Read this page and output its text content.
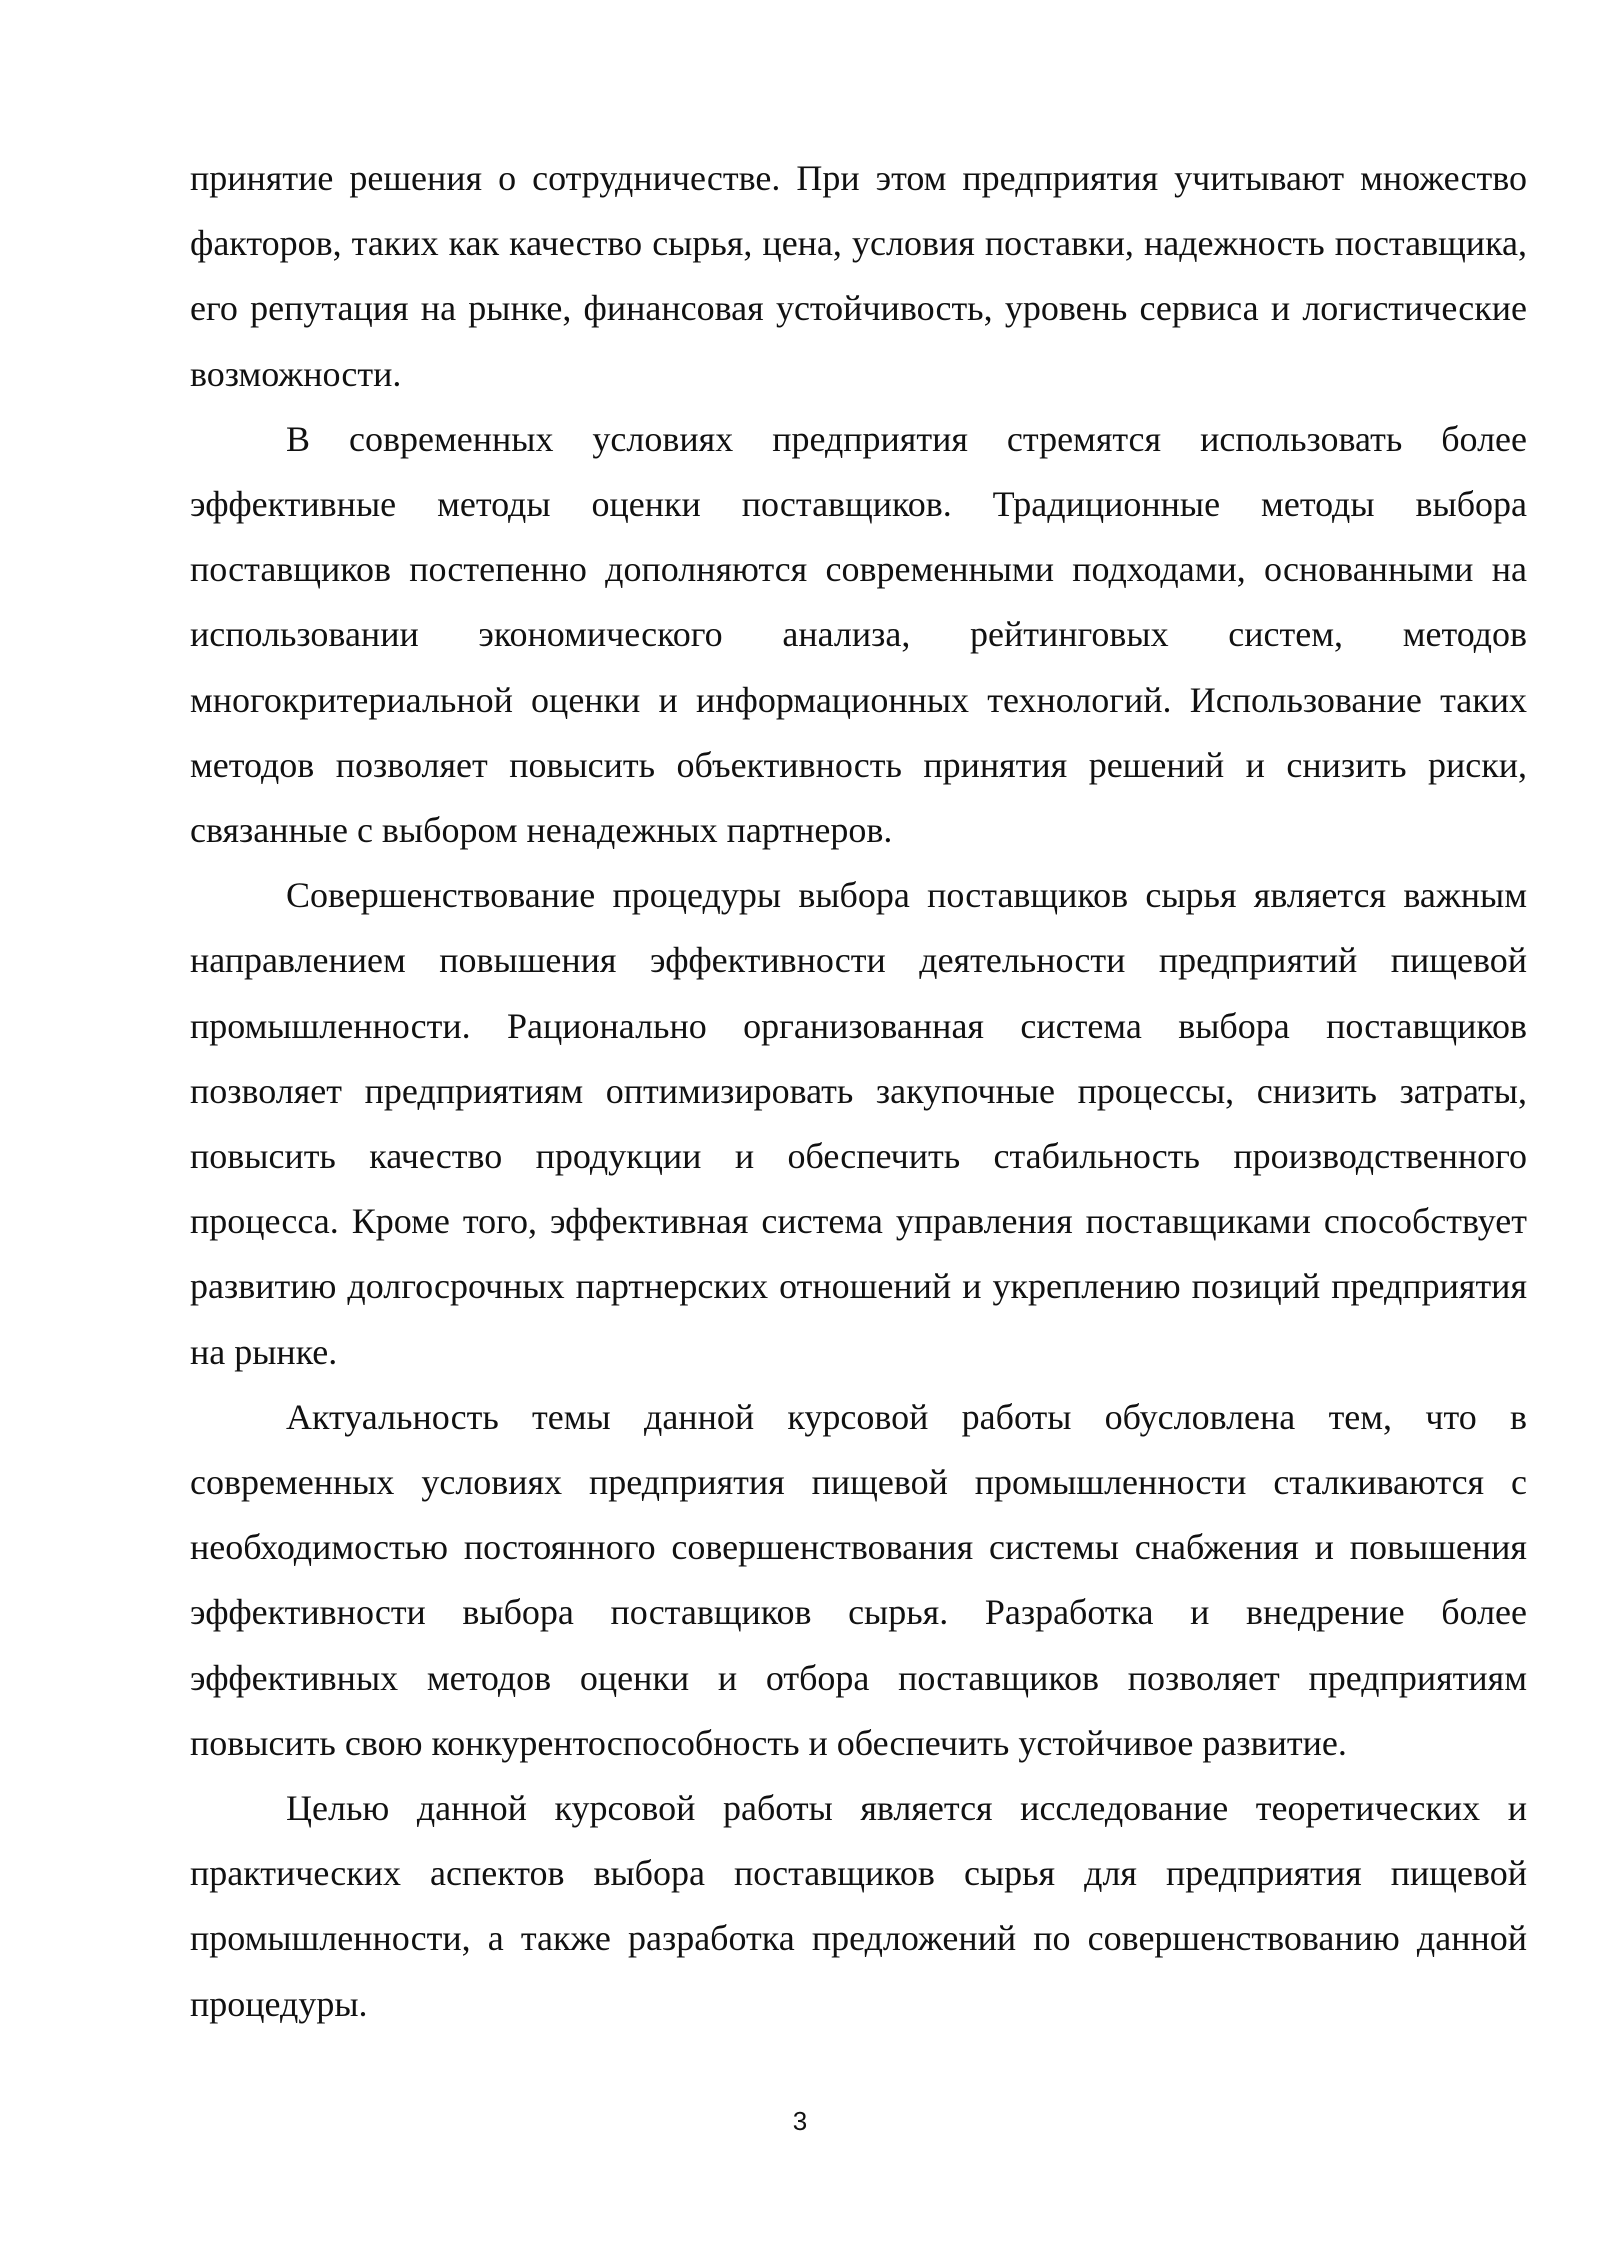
принятие решения о сотрудничестве. При этом предприятия учитывают множество факторов, таких как качество сырья, цена, условия поставки, надежность поставщика, его репутация на рынке, финансовая устойчивость, уровень сервиса и логистические возможности.

В современных условиях предприятия стремятся использовать более эффективные методы оценки поставщиков. Традиционные методы выбора поставщиков постепенно дополняются современными подходами, основанными на использовании экономического анализа, рейтинговых систем, методов многокритериальной оценки и информационных технологий. Использование таких методов позволяет повысить объективность принятия решений и снизить риски, связанные с выбором ненадежных партнеров.

Совершенствование процедуры выбора поставщиков сырья является важным направлением повышения эффективности деятельности предприятий пищевой промышленности. Рационально организованная система выбора поставщиков позволяет предприятиям оптимизировать закупочные процессы, снизить затраты, повысить качество продукции и обеспечить стабильность производственного процесса. Кроме того, эффективная система управления поставщиками способствует развитию долгосрочных партнерских отношений и укреплению позиций предприятия на рынке.

Актуальность темы данной курсовой работы обусловлена тем, что в современных условиях предприятия пищевой промышленности сталкиваются с необходимостью постоянного совершенствования системы снабжения и повышения эффективности выбора поставщиков сырья. Разработка и внедрение более эффективных методов оценки и отбора поставщиков позволяет предприятиям повысить свою конкурентоспособность и обеспечить устойчивое развитие.

Целью данной курсовой работы является исследование теоретических и практических аспектов выбора поставщиков сырья для предприятия пищевой промышленности, а также разработка предложений по совершенствованию данной процедуры.

3
